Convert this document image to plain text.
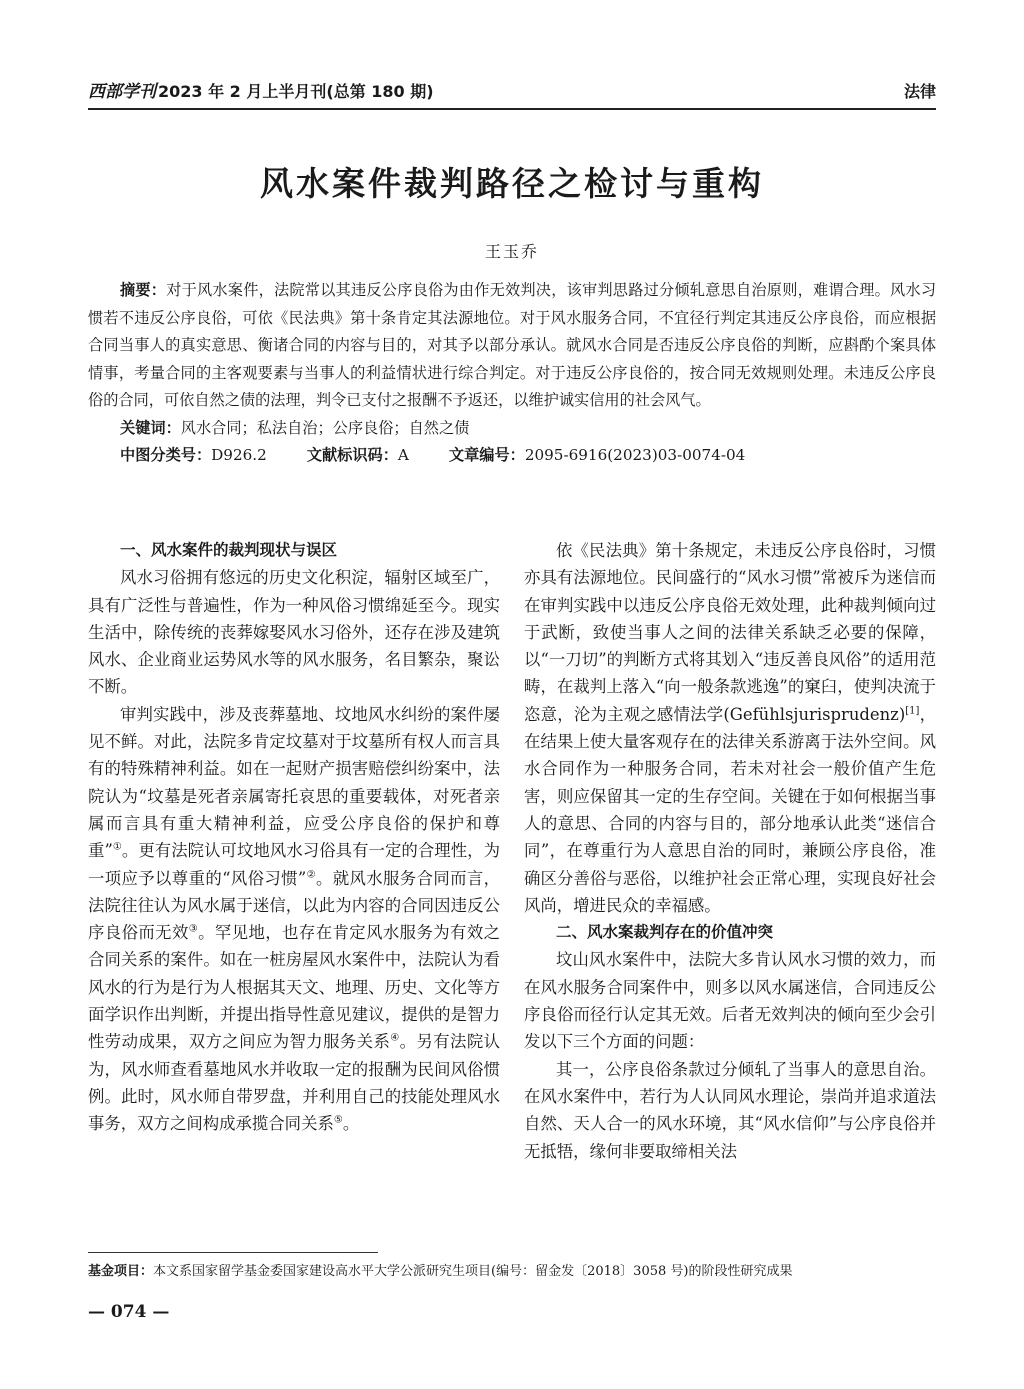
西部学刊 2023 年 2 月上半月刊(总第 180 期)	法律
风水案件裁判路径之检讨与重构
王玉乔

摘要：对于风水案件，法院常以其违反公序良俗为由作无效判决，该审判思路过分倾轧意思自治原则，难谓合理。风水习惯若不违反公序良俗，可依《民法典》第十条肯定其法源地位。对于风水服务合同，不宜径行判定其违反公序良俗，而应根据合同当事人的真实意思、衡诸合同的内容与目的，对其予以部分承认。就风水合同是否违反公序良俗的判断，应斟酌个案具体情事，考量合同的主客观要素与当事人的利益情状进行综合判定。对于违反公序良俗的，按合同无效规则处理。未违反公序良俗的合同，可依自然之债的法理，判令已支付之报酬不予返还，以维护诚实信用的社会风气。

关键词：风水合同；私法自治；公序良俗；自然之债

中图分类号：D926.2	文献标识码：A	文章编号：2095-6916(2023)03-0074-04

一、风水案件的裁判现状与误区

风水习俗拥有悠远的历史文化积淀，辐射区域至广，具有广泛性与普遍性，作为一种风俗习惯绵延至今。现实生活中，除传统的丧葬嫁娶风水习俗外，还存在涉及建筑风水、企业商业运势风水等的风水服务，名目繁杂，聚讼不断。

审判实践中，涉及丧葬墓地、坟地风水纠纷的案件屡见不鲜。对此，法院多肯定坟墓对于坟墓所有权人而言具有的特殊精神利益。如在一起财产损害赔偿纠纷案中，法院认为“坟墓是死者亲属寄托哀思的重要载体，对死者亲属而言具有重大精神利益，应受公序良俗的保护和尊重”①。更有法院认可坟地风水习俗具有一定的合理性，为一项应予以尊重的“风俗习惯”②。就风水服务合同而言，法院往往认为风水属于迷信，以此为内容的合同因违反公序良俗而无效③。罕见地，也存在肯定风水服务为有效之合同关系的案件。如在一桩房屋风水案件中，法院认为看风水的行为是行为人根据其天文、地理、历史、文化等方面学识作出判断，并提出指导性意见建议，提供的是智力性劳动成果，双方之间应为智力服务关系④。另有法院认为，风水师查看墓地风水并收取一定的报酬为民间风俗惯例。此时，风水师自带罗盘，并利用自己的技能处理风水事务，双方之间构成承揽合同关系⑤。

依《民法典》第十条规定，未违反公序良俗时，习惯亦具有法源地位。民间盛行的“风水习惯”常被斥为迷信而在审判实践中以违反公序良俗无效处理，此种裁判倾向过于武断，致使当事人之间的法律关系缺乏必要的保障，以“一刀切”的判断方式将其划入“违反善良风俗”的适用范畴，在裁判上落入“向一般条款逃逸”的窠臼，使判决流于恣意，沦为主观之感情法学(Gefühlsjurisprudenz)[1]，在结果上使大量客观存在的法律关系游离于法外空间。风水合同作为一种服务合同，若未对社会一般价值产生危害，则应保留其一定的生存空间。关键在于如何根据当事人的意思、合同的内容与目的，部分地承认此类“迷信合同”，在尊重行为人意思自治的同时，兼顾公序良俗，准确区分善俗与恶俗，以维护社会正常心理，实现良好社会风尚，增进民众的幸福感。

二、风水案裁判存在的价值冲突

坟山风水案件中，法院大多肯认风水习惯的效力，而在风水服务合同案件中，则多以风水属迷信，合同违反公序良俗而径行认定其无效。后者无效判决的倾向至少会引发以下三个方面的问题：

其一，公序良俗条款过分倾轧了当事人的意思自治。在风水案件中，若行为人认同风水理论，崇尚并追求道法自然、天人合一的风水环境，其“风水信仰”与公序良俗并无抵牾，缘何非要取缔相关法

基金项目：本文系国家留学基金委国家建设高水平大学公派研究生项目(编号：留金发〔2018〕3058 号)的阶段性研究成果
— 074 —
